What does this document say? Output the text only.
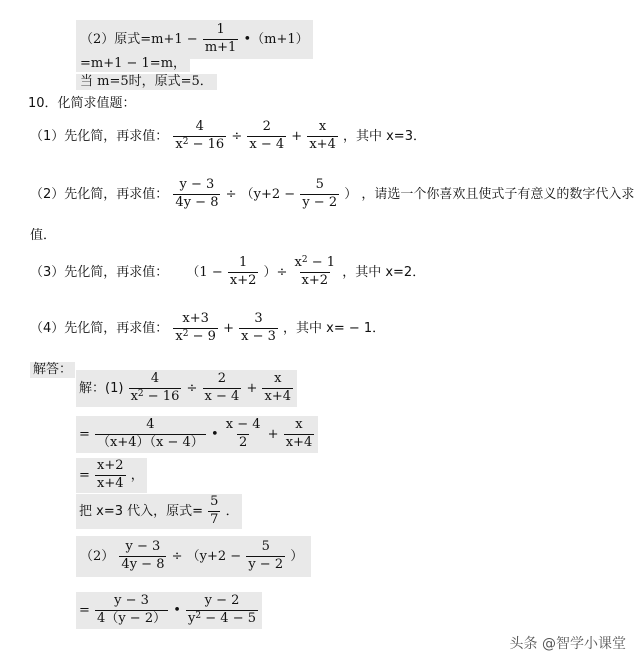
（2）原式$=m+1 - \frac{1}{m+1}$ •（m+1）
=m+1 − 1=m，
当 m=5时，原式=5．
10．化简求值题：
（1）先化简，再求值： $\frac{4}{x^2 - 16} \div \frac{2}{x - 4} + \frac{x}{x+4}$ ，其中 x=3．
（2）先化简，再求值： $\frac{y - 3}{4y - 8} \div (y+2 - \frac{5}{y - 2}$ ） ，请选一个你喜欢且使式子有意义的数字代入求
值．
（3）先化简，再求值： （$1 - \frac{1}{x+2}$ ）÷ $\frac{x^2 - 1}{x+2}$ ，其中 x=2．
（4）先化简，再求值： $\frac{x+3}{x^2 - 9} + \frac{3}{x - 3}$ ，其中 x= − 1．
解答：
解：$(1) \frac{4}{x^2 - 16} \div \frac{2}{x - 4} + \frac{x}{x+4}$
= $\frac{4}{(x+4)(x - 4)}$ • $\frac{x - 4}{2} + \frac{x}{x+4}$
= $\frac{x+2}{x+4}$ ，
把 x=3 代入，原式= $\frac{5}{7}$ ．
$(2) \frac{y - 3}{4y - 8} \div (y+2 - \frac{5}{y - 2}$ ）
= $\frac{y - 3}{4(y - 2)}$ • $\frac{y - 2}{y^2 - 4 - 5}$
头条 @智学小课堂
